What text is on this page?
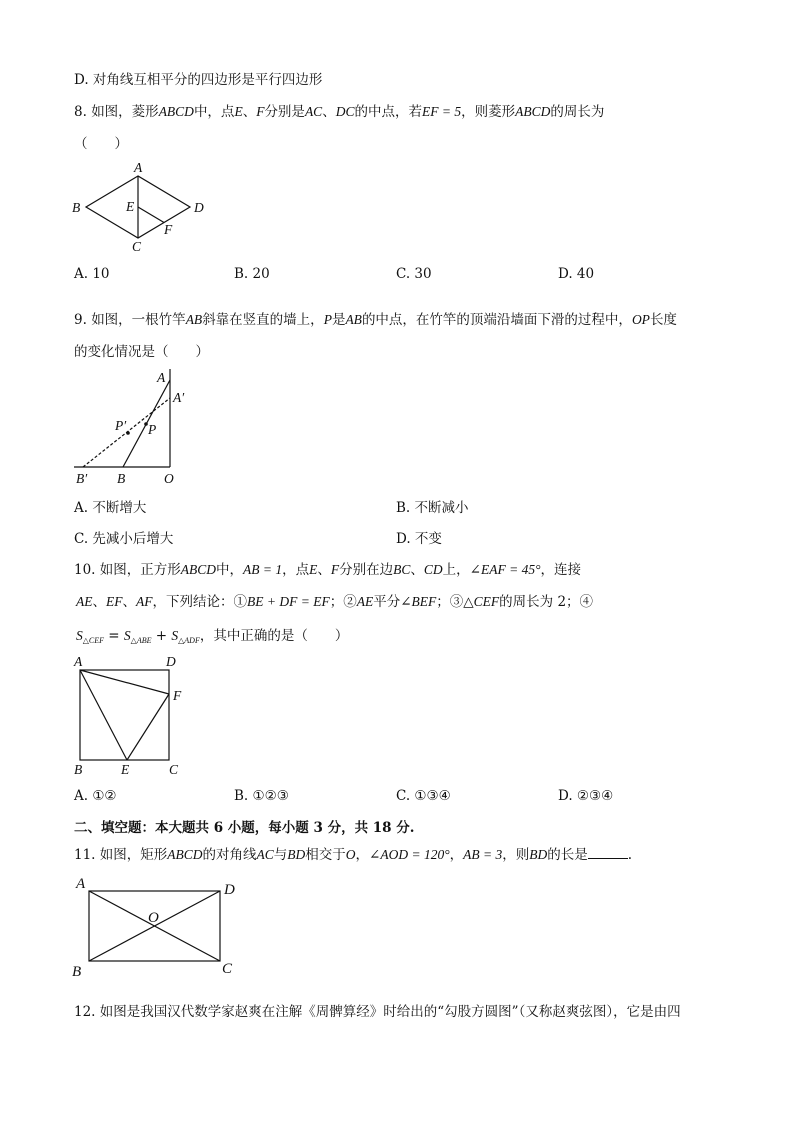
D. 对角线互相平分的四边形是平行四边形
8. 如图，菱形ABCD中，点E、F分别是AC、DC的中点，若EF = 5，则菱形ABCD的周长为
（　　）
A
B
C
D
E
F
A. 10	B. 20	C. 30	D. 40
9. 如图，一根竹竿AB斜靠在竖直的墙上，P是AB的中点，在竹竿的顶端沿墙面下滑的过程中，OP长度
的变化情况是（　　）
A
A′
P′ P
B′ B	O
A. 不断增大	B. 不断减小
C. 先减小后增大	D. 不变
10. 如图，正方形ABCD中，AB = 1，点E、F分别在边BC、CD上，∠EAF = 45°，连接
AE、EF、AF，下列结论：①BE + DF = EF；②AE平分∠BEF；③△CEF的周长为 2；④
$S_{\triangle CEF} = S_{\triangle ABE} + S_{\triangle ADF}$，其中正确的是（　　）
A	D
F
B	E	C
A. ①②	B. ①②③	C. ①③④	D. ②③④
二、填空题：本大题共 6 小题，每小题 3 分，共 18 分.
11. 如图，矩形ABCD的对角线AC与BD相交于O，∠AOD = 120°，AB = 3，则BD的长是	.
A	D
O
B	C
12. 如图是我国汉代数学家赵爽在注解《周髀算经》时给出的“勾股方圆图”（又称赵爽弦图），它是由四
